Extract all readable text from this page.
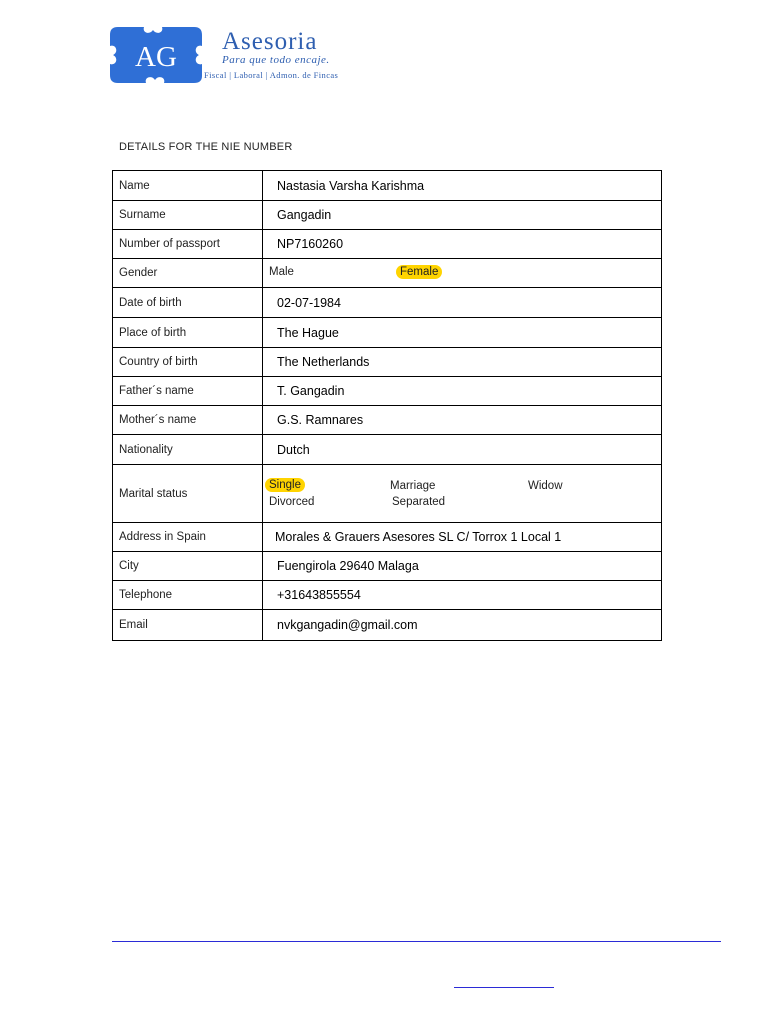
AG Asesoria
Para que todo encaje.
Fiscal | Laboral | Admon. de Fincas
DETAILS FOR THE NIE NUMBER
Name	Nastasia Varsha Karishma
Surname	Gangadin
Number of passport	NP7160260
Gender	Male Female

Date of birth	02-07-1984
Place of birth	The Hague
Country of birth	The Netherlands
Father´s name	T. Gangadin
Mother´s name	G.S. Ramnares
Nationality	Dutch
Marital status	Single Marriage Widow
Divorced Separated

Address in Spain	Morales & Grauers Asesores SL C/ Torrox 1 Local 1
City	Fuengirola 29640 Malaga
Telephone	+31643855554
Email	nvkgangadin@gmail.com
